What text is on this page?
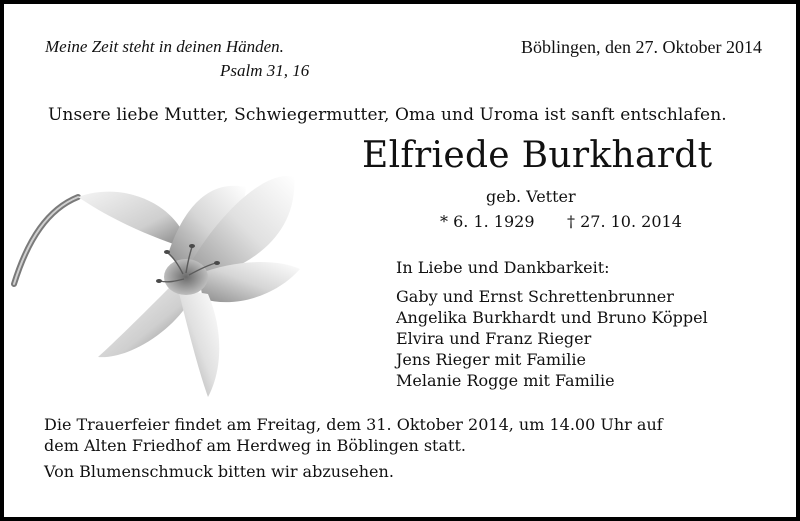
Meine Zeit steht in deinen Händen.
Psalm 31, 16
Böblingen, den 27. Oktober 2014
Unsere liebe Mutter, Schwiegermutter, Oma und Uroma ist sanft entschlafen.
Elfriede Burkhardt
geb. Vetter
* 6. 1. 1929 † 27. 10. 2014
In Liebe und Dankbarkeit:
Gaby und Ernst Schrettenbrunner
Angelika Burkhardt und Bruno Köppel
Elvira und Franz Rieger
Jens Rieger mit Familie
Melanie Rogge mit Familie
Die Trauerfeier findet am Freitag, dem 31. Oktober 2014, um 14.00 Uhr auf
dem Alten Friedhof am Herdweg in Böblingen statt.
Von Blumenschmuck bitten wir abzusehen.
